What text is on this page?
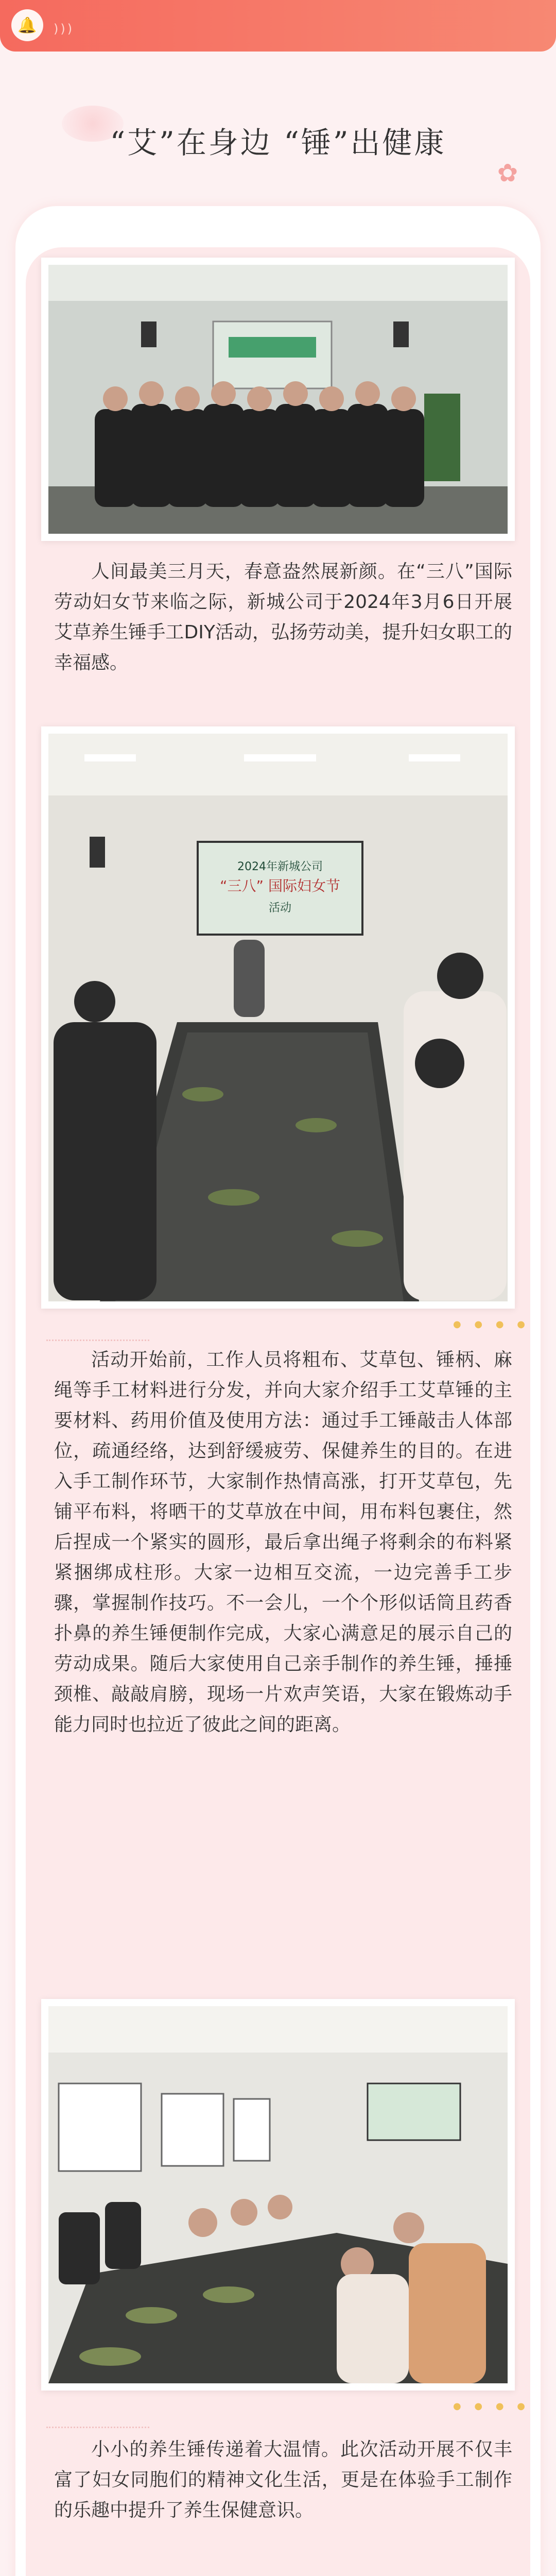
🔔	)))
“艾”在身边 “锤”出健康
✿

人间最美三月天，春意盎然展新颜。在“三八”国际劳动妇女节来临之际，新城公司于2024年3月6日开展艾草养生锤手工DIY活动，弘扬劳动美，提升妇女职工的幸福感。

2024年新城公司
“三八” 国际妇女节
活动
● ● ● ●

活动开始前，工作人员将粗布、艾草包、锤柄、麻绳等手工材料进行分发，并向大家介绍手工艾草锤的主要材料、药用价值及使用方法：通过手工锤敲击人体部位，疏通经络，达到舒缓疲劳、保健养生的目的。在进入手工制作环节，大家制作热情高涨，打开艾草包，先铺平布料，将晒干的艾草放在中间，用布料包裹住，然后捏成一个紧实的圆形，最后拿出绳子将剩余的布料紧紧捆绑成柱形。大家一边相互交流，一边完善手工步骤，掌握制作技巧。不一会儿，一个个形似话筒且药香扑鼻的养生锤便制作完成，大家心满意足的展示自己的劳动成果。随后大家使用自己亲手制作的养生锤，捶捶颈椎、敲敲肩膀，现场一片欢声笑语，大家在锻炼动手能力同时也拉近了彼此之间的距离。

● ● ● ●

小小的养生锤传递着大温情。此次活动开展不仅丰富了妇女同胞们的精神文化生活，更是在体验手工制作的乐趣中提升了养生保健意识。
